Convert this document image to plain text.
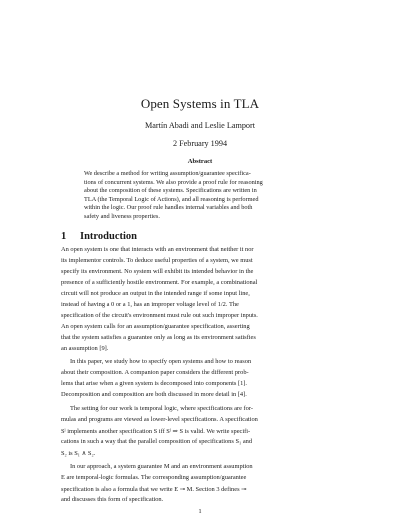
Open Systems in TLA
Martín Abadi and Leslie Lamport
2 February 1994
Abstract
We describe a method for writing assumption/guarantee specifica-
tions of concurrent systems. We also provide a proof rule for reasoning
about the composition of these systems. Specifications are written in
TLA (the Temporal Logic of Actions), and all reasoning is performed
within the logic. Our proof rule handles internal variables and both
safety and liveness properties.
1 Introduction
An open system is one that interacts with an environment that neither it nor
its implementor controls. To deduce useful properties of a system, we must
specify its environment. No system will exhibit its intended behavior in the
presence of a sufficiently hostile environment. For example, a combinational
circuit will not produce an output in the intended range if some input line,
instead of having a 0 or a 1, has an improper voltage level of 1/2. The
specification of the circuit's environment must rule out such improper inputs.
An open system calls for an assumption/guarantee specification, asserting
that the system satisfies a guarantee only as long as its environment satisfies
an assumption [9].
In this paper, we study how to specify open systems and how to reason
about their composition. A companion paper considers the different prob-
lems that arise when a given system is decomposed into components [1].
Decomposition and composition are both discussed in more detail in [4].
The setting for our work is temporal logic, where specifications are for-
mulas and programs are viewed as lower-level specifications. A specification
Sˡ implements another specification S iff Sˡ ⇒ S is valid. We write specifi-
cations in such a way that the parallel composition of specifications S₁ and
S₂ is S₁ ∧ S₂.
In our approach, a system guarantee M and an environment assumption
E are temporal-logic formulas. The corresponding assumption/guarantee
specification is also a formula that we write E ⊸ M. Section 3 defines ⊸
and discusses this form of specification.
1
